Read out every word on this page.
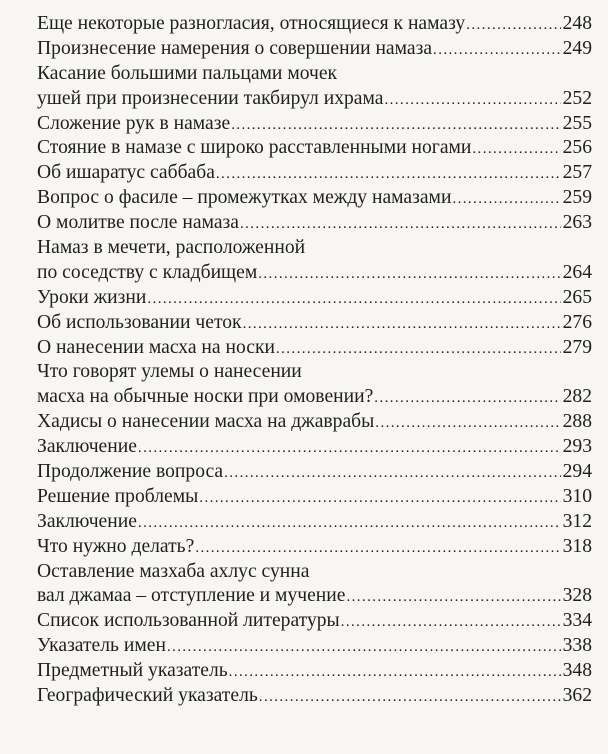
Еще некоторые разногласия, относящиеся к намазу .....	248
Произнесение намерения о совершении намаза .....	249
Касание большими пальцами мочек
ушей при произнесении такбирул ихрама .....	252
Сложение рук в намазе .....	255
Стояние в намазе с широко расставленными ногами .....	256
Об ишаратус саббаба .....	257
Вопрос о фасиле – промежутках между намазами .....	259
О молитве после намаза .....	263
Намаз в мечети, расположенной
по соседству с кладбищем .....	264
Уроки жизни .....	265
Об использовании четок .....	276
О нанесении масха на носки .....	279
Что говорят улемы о нанесении
масха на обычные носки при омовении? .....	282
Хадисы о нанесении масха на джаврабы .....	288
Заключение .....	293
Продолжение вопроса .....	294
Решение проблемы .....	310
Заключение .....	312
Что нужно делать? .....	318
Оставление мазхаба ахлус сунна
вал джамаа – отступление и мучение .....	328
Список использованной литературы .....	334
Указатель имен .....	338
Предметный указатель .....	348
Географический указатель .....	362
